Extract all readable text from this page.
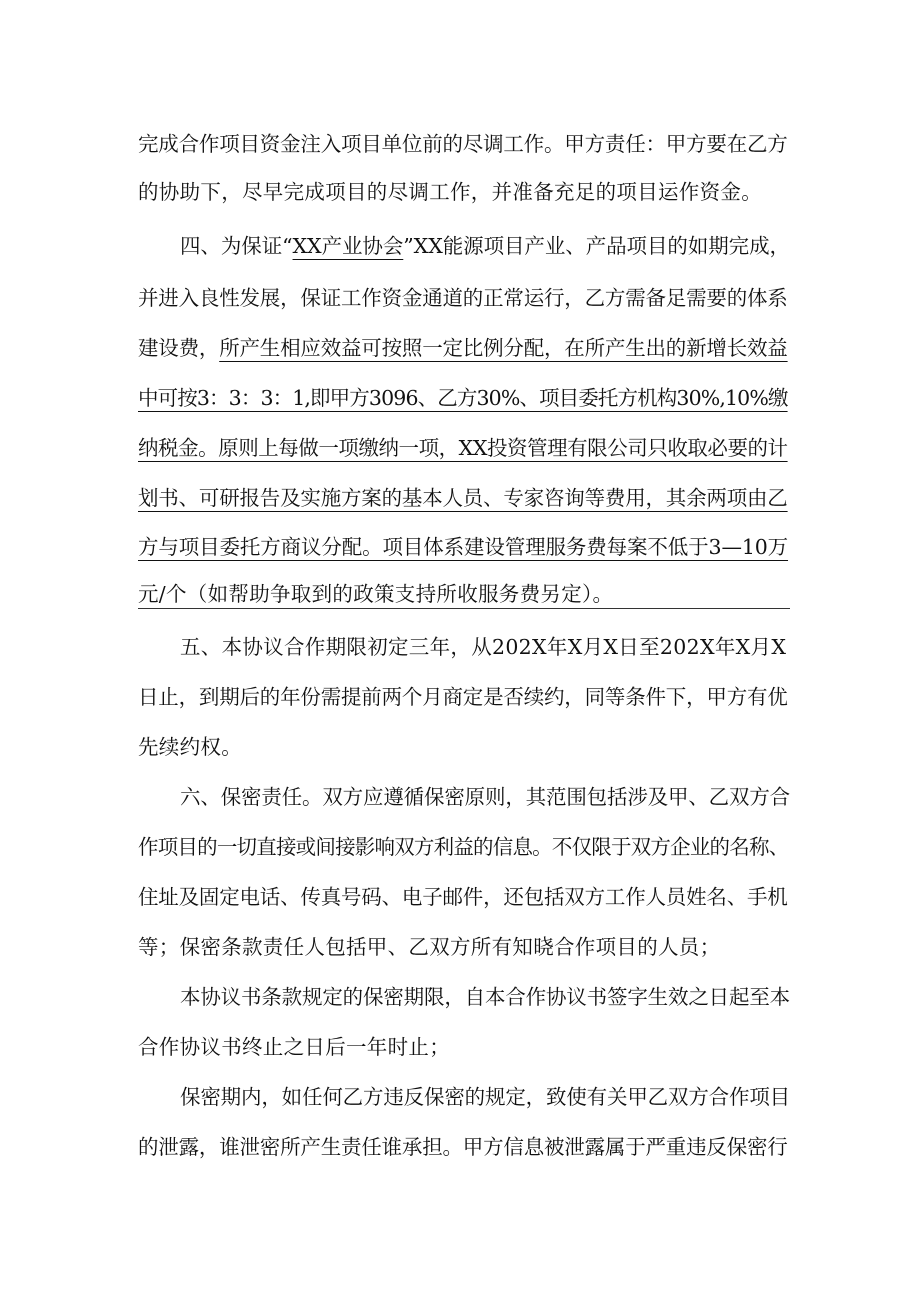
完成合作项目资金注入项目单位前的尽调工作。甲方责任：甲方要在乙方
的协助下，尽早完成项目的尽调工作，并准备充足的项目运作资金。
四、为保证“XX产业协会”XX能源项目产业、产品项目的如期完成，
并进入良性发展，保证工作资金通道的正常运行，乙方需备足需要的体系
建设费，所产生相应效益可按照一定比例分配，在所产生出的新增长效益
中可按3：3：3：1,即甲方3096、乙方30%、项目委托方机构30%,10%缴
纳税金。原则上每做一项缴纳一项，XX投资管理有限公司只收取必要的计
划书、可研报告及实施方案的基本人员、专家咨询等费用，其余两项由乙
方与项目委托方商议分配。项目体系建设管理服务费每案不低于3—10万
元/个（如帮助争取到的政策支持所收服务费另定）。
五、本协议合作期限初定三年，从202X年X月X日至202X年X月X
日止，到期后的年份需提前两个月商定是否续约，同等条件下，甲方有优
先续约权。
六、保密责任。双方应遵循保密原则，其范围包括涉及甲、乙双方合
作项目的一切直接或间接影响双方利益的信息。不仅限于双方企业的名称、
住址及固定电话、传真号码、电子邮件，还包括双方工作人员姓名、手机
等；保密条款责任人包括甲、乙双方所有知晓合作项目的人员；
本协议书条款规定的保密期限，自本合作协议书签字生效之日起至本
合作协议书终止之日后一年时止；
保密期内，如任何乙方违反保密的规定，致使有关甲乙双方合作项目
的泄露，谁泄密所产生责任谁承担。甲方信息被泄露属于严重违反保密行
